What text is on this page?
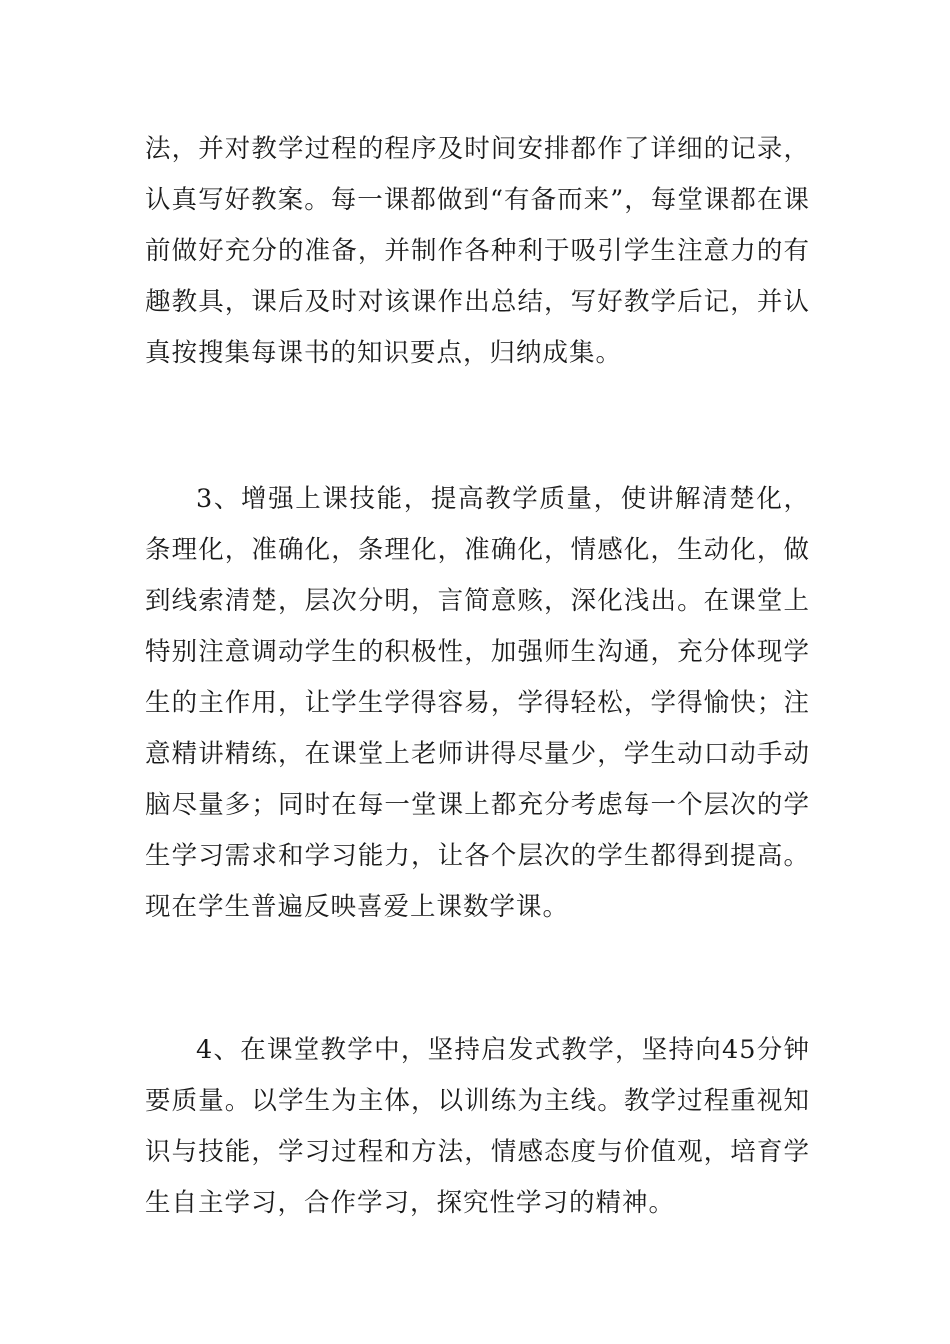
法，并对教学过程的程序及时间安排都作了详细的记录，认真写好教案。每一课都做到“有备而来”，每堂课都在课前做好充分的准备，并制作各种利于吸引学生注意力的有趣教具，课后及时对该课作出总结，写好教学后记，并认真按搜集每课书的知识要点，归纳成集。

3、增强上课技能，提高教学质量，使讲解清楚化，条理化，准确化，条理化，准确化，情感化，生动化，做到线索清楚，层次分明，言简意赅，深化浅出。在课堂上特别注意调动学生的积极性，加强师生沟通，充分体现学生的主作用，让学生学得容易，学得轻松，学得愉快；注意精讲精练，在课堂上老师讲得尽量少，学生动口动手动脑尽量多；同时在每一堂课上都充分考虑每一个层次的学生学习需求和学习能力，让各个层次的学生都得到提高。现在学生普遍反映喜爱上课数学课。

4、在课堂教学中，坚持启发式教学，坚持向45分钟要质量。以学生为主体，以训练为主线。教学过程重视知识与技能，学习过程和方法，情感态度与价值观，培育学生自主学习，合作学习，探究性学习的精神。
